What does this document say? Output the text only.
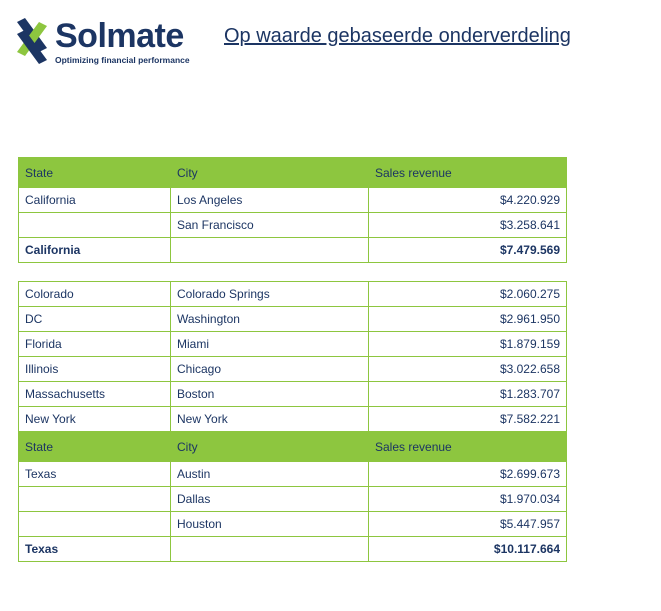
Solmate
Optimizing financial performance
Op waarde gebaseerde onderverdeling
State	City	Sales revenue
California	Los Angeles	$4.220.929
	San Francisco	$3.258.641
California		$7.479.569
Colorado	Colorado Springs	$2.060.275
DC	Washington	$2.961.950
Florida	Miami	$1.879.159
Illinois	Chicago	$3.022.658
Massachusetts	Boston	$1.283.707
New York	New York	$7.582.221
State	City	Sales revenue
Texas	Austin	$2.699.673
	Dallas	$1.970.034
	Houston	$5.447.957
Texas		$10.117.664
